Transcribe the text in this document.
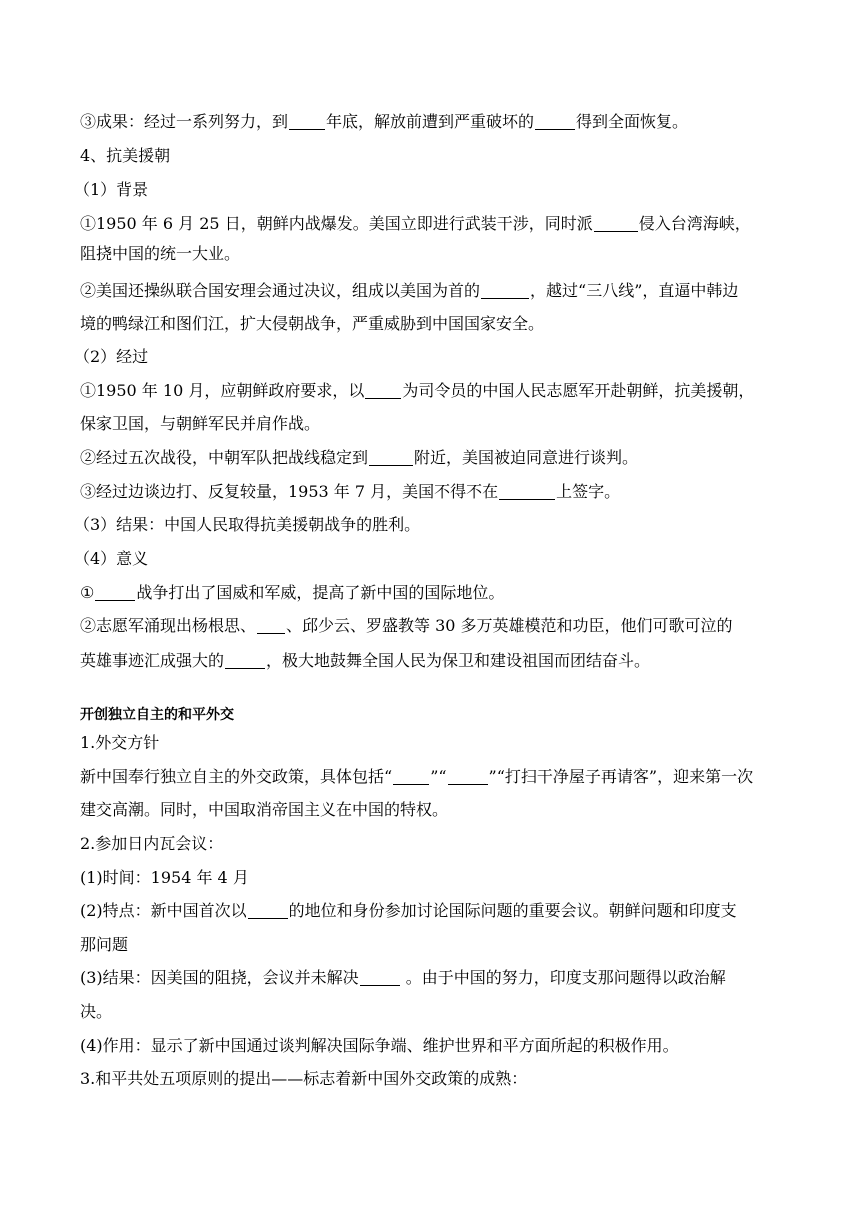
③成果：经过一系列努力，到 年底，解放前遭到严重破坏的	得到全面恢复。
4、抗美援朝
（1）背景
①1950 年 6 月 25 日，朝鲜内战爆发。美国立即进行武装干涉，同时派	侵入台湾海峡，
阻挠中国的统一大业。
②美国还操纵联合国安理会通过决议，组成以美国为首的	，越过“三八线”，直逼中韩边
境的鸭绿江和图们江，扩大侵朝战争，严重威胁到中国国家安全。
（2）经过
①1950 年 10 月，应朝鲜政府要求，以 为司令员的中国人民志愿军开赴朝鲜，抗美援朝，
保家卫国，与朝鲜军民并肩作战。
②经过五次战役，中朝军队把战线稳定到	附近，美国被迫同意进行谈判。
③经过边谈边打、反复较量，1953 年 7 月，美国不得不在	上签字。
（3）结果：中国人民取得抗美援朝战争的胜利。
（4）意义
①	战争打出了国威和军威，提高了新中国的国际地位。
②志愿军涌现出杨根思、 、邱少云、罗盛教等 30 多万英雄模范和功臣，他们可歌可泣的
英雄事迹汇成强大的	，极大地鼓舞全国人民为保卫和建设祖国而团结奋斗。
开创独立自主的和平外交
1.外交方针
新中国奉行独立自主的外交政策，具体包括“ ”“	”“打扫干净屋子再请客”，迎来第一次
建交高潮。同时，中国取消帝国主义在中国的特权。
2.参加日内瓦会议：
(1)时间：1954 年 4 月
(2)特点：新中国首次以	的地位和身份参加讨论国际问题的重要会议。朝鲜问题和印度支
那问题
(3)结果：因美国的阻挠，会议并未解决	。由于中国的努力，印度支那问题得以政治解
决。
(4)作用：显示了新中国通过谈判解决国际争端、维护世界和平方面所起的积极作用。
3.和平共处五项原则的提出——标志着新中国外交政策的成熟：
